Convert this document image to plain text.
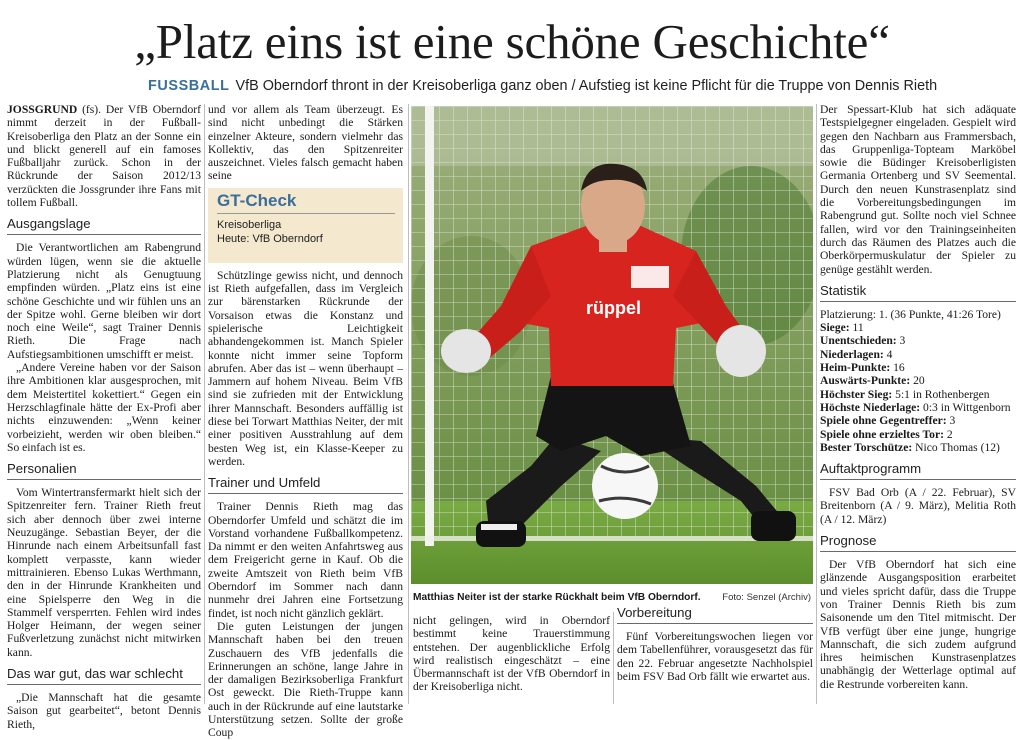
„Platz eins ist eine schöne Geschichte“
FUSSBALL VfB Oberndorf thront in der Kreisoberliga ganz oben / Aufstieg ist keine Pflicht für die Truppe von Dennis Rieth

JOSSGRUND (fs). Der VfB Oberndorf nimmt derzeit in der Fußball-Kreisoberliga den Platz an der Sonne ein und blickt generell auf ein famoses Fußballjahr zurück. Schon in der Rückrunde der Saison 2012/13 verzückten die Jossgrunder ihre Fans mit tollem Fußball.

Ausgangslage

Die Verantwortlichen am Rabengrund würden lügen, wenn sie die aktuelle Platzierung nicht als Genugtuung empfinden würden. „Platz eins ist eine schöne Geschichte und wir fühlen uns an der Spitze wohl. Gerne bleiben wir dort noch eine Weile“, sagt Trainer Dennis Rieth. Die Frage nach Aufstiegsambitionen umschifft er meist.

„Andere Vereine haben vor der Saison ihre Ambitionen klar ausgesprochen, mit dem Meistertitel kokettiert.“ Gegen ein Herzschlagfinale hätte der Ex-Profi aber nichts einzuwenden: „Wenn keiner vorbeizieht, werden wir oben bleiben.“ So einfach ist es.

Personalien

Vom Wintertransfermarkt hielt sich der Spitzenreiter fern. Trainer Rieth freut sich aber dennoch über zwei interne Neuzugänge. Sebastian Beyer, der die Hinrunde nach einem Arbeitsunfall fast komplett verpasste, kann wieder mittrainieren. Ebenso Lukas Werthmann, den in der Hinrunde Krankheiten und eine Spielsperre den Weg in die Stammelf versperrten. Fehlen wird indes Holger Heimann, der wegen seiner Fußverletzung zunächst nicht mitwirken kann.

Das war gut, das war schlecht

„Die Mannschaft hat die gesamte Saison gut gearbeitet“, betont Dennis Rieth,

und vor allem als Team überzeugt. Es sind nicht unbedingt die Stärken einzelner Akteure, sondern vielmehr das Kollektiv, das den Spitzenreiter auszeichnet. Vieles falsch gemacht haben seine

GT-Check
Kreisoberliga
Heute: VfB Oberndorf

Schützlinge gewiss nicht, und dennoch ist Rieth aufgefallen, dass im Vergleich zur bärenstarken Rückrunde der Vorsaison etwas die Konstanz und spielerische Leichtigkeit abhandengekommen ist. Manch Spieler konnte nicht immer seine Topform abrufen. Aber das ist – wenn überhaupt – Jammern auf hohem Niveau. Beim VfB sind sie zufrieden mit der Entwicklung ihrer Mannschaft. Besonders auffällig ist diese bei Torwart Matthias Neiter, der mit einer positiven Ausstrahlung auf dem besten Weg ist, ein Klasse-Keeper zu werden.

Trainer und Umfeld

Trainer Dennis Rieth mag das Oberndorfer Umfeld und schätzt die im Vorstand vorhandene Fußballkompetenz. Da nimmt er den weiten Anfahrtsweg aus dem Freigericht gerne in Kauf. Ob die zweite Amtszeit von Rieth beim VfB Oberndorf im Sommer nach dann nunmehr drei Jahren eine Fortsetzung findet, ist noch nicht gänzlich geklärt.

Die guten Leistungen der jungen Mannschaft haben bei den treuen Zuschauern des VfB jedenfalls die Erinnerungen an schöne, lange Jahre in der damaligen Bezirksoberliga Frankfurt Ost geweckt. Die Rieth-Truppe kann auch in der Rückrunde auf eine lautstarke Unterstützung setzen. Sollte der große Coup

rüppel
Matthias Neiter ist der starke Rückhalt beim VfB Oberndorf. Foto: Senzel (Archiv)

nicht gelingen, wird in Oberndorf bestimmt keine Trauerstimmung entstehen. Der augenblickliche Erfolg wird realistisch eingeschätzt – eine Übermannschaft ist der VfB Oberndorf in der Kreisoberliga nicht.

Vorbereitung

Fünf Vorbereitungswochen liegen vor dem Tabellenführer, vorausgesetzt das für den 22. Februar angesetzte Nachholspiel beim FSV Bad Orb fällt wie erwartet aus.

Der Spessart-Klub hat sich adäquate Testspielgegner eingeladen. Gespielt wird gegen den Nachbarn aus Frammersbach, das Gruppenliga-Topteam Marköbel sowie die Büdinger Kreisoberligisten Germania Ortenberg und SV Seemental. Durch den neuen Kunstrasenplatz sind die Vorbereitungsbedingungen im Rabengrund gut. Sollte noch viel Schnee fallen, wird vor den Trainingseinheiten durch das Räumen des Platzes auch die Oberkörpermuskulatur der Spieler zu genüge gestählt werden.

Statistik

Platzierung: 1. (36 Punkte, 41:26 Tore)

Siege: 11

Unentschieden: 3

Niederlagen: 4

Heim-Punkte: 16

Auswärts-Punkte: 20

Höchster Sieg: 5:1 in Rothenbergen

Höchste Niederlage: 0:3 in Wittgenborn

Spiele ohne Gegentreffer: 3

Spiele ohne erzieltes Tor: 2

Bester Torschütze: Nico Thomas (12)

Auftaktprogramm

FSV Bad Orb (A / 22. Februar), SV Breitenborn (A / 9. März), Melitia Roth (A / 12. März)

Prognose

Der VfB Oberndorf hat sich eine glänzende Ausgangsposition erarbeitet und vieles spricht dafür, dass die Truppe von Trainer Dennis Rieth bis zum Saisonende um den Titel mitmischt. Der VfB verfügt über eine junge, hungrige Mannschaft, die sich zudem aufgrund ihres heimischen Kunstrasenplatzes unabhängig der Wetterlage optimal auf die Restrunde vorbereiten kann.
